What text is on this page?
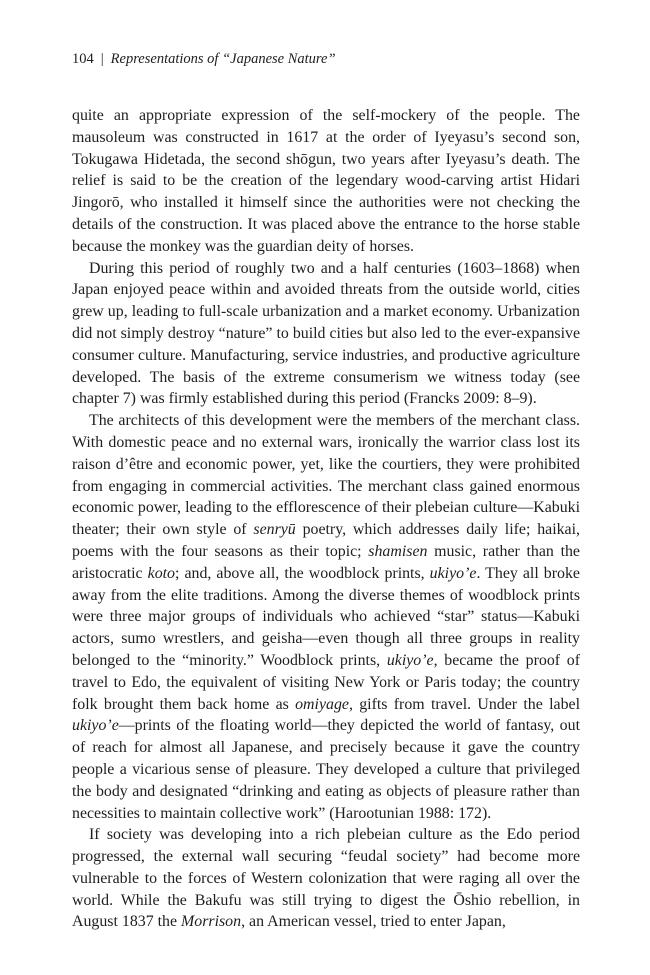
104 | Representations of “Japanese Nature”

quite an appropriate expression of the self-mockery of the people. The mausoleum was constructed in 1617 at the order of Iyeyasu’s second son, Tokugawa Hidetada, the second shōgun, two years after Iyeyasu’s death. The relief is said to be the creation of the legendary wood-carving artist Hidari Jingorō, who installed it himself since the authorities were not checking the details of the construction. It was placed above the entrance to the horse stable because the monkey was the guardian deity of horses.

During this period of roughly two and a half centuries (1603–1868) when Japan enjoyed peace within and avoided threats from the outside world, cities grew up, leading to full-scale urbanization and a market economy. Urbanization did not simply destroy “nature” to build cities but also led to the ever-expansive consumer culture. Manufacturing, service industries, and productive agriculture developed. The basis of the extreme consumerism we witness today (see chapter 7) was firmly established during this period (Francks 2009: 8–9).

The architects of this development were the members of the merchant class. With domestic peace and no external wars, ironically the warrior class lost its raison d’être and economic power, yet, like the courtiers, they were prohibited from engaging in commercial activities. The merchant class gained enormous economic power, leading to the efflorescence of their plebeian culture—Kabuki theater; their own style of senryū poetry, which addresses daily life; haikai, poems with the four seasons as their topic; shamisen music, rather than the aristocratic koto; and, above all, the woodblock prints, ukiyo’e. They all broke away from the elite traditions. Among the diverse themes of woodblock prints were three major groups of individuals who achieved “star” status—Kabuki actors, sumo wrestlers, and geisha—even though all three groups in reality belonged to the “minority.” Woodblock prints, ukiyo’e, became the proof of travel to Edo, the equivalent of visiting New York or Paris today; the country folk brought them back home as omiyage, gifts from travel. Under the label ukiyo’e—prints of the floating world—they depicted the world of fantasy, out of reach for almost all Japanese, and precisely because it gave the country people a vicarious sense of pleasure. They developed a culture that privileged the body and designated “drinking and eating as objects of pleasure rather than necessities to maintain collective work” (Harootunian 1988: 172).

If society was developing into a rich plebeian culture as the Edo period progressed, the external wall securing “feudal society” had become more vulnerable to the forces of Western colonization that were raging all over the world. While the Bakufu was still trying to digest the Ōshio rebellion, in August 1837 the Morrison, an American vessel, tried to enter Japan,
